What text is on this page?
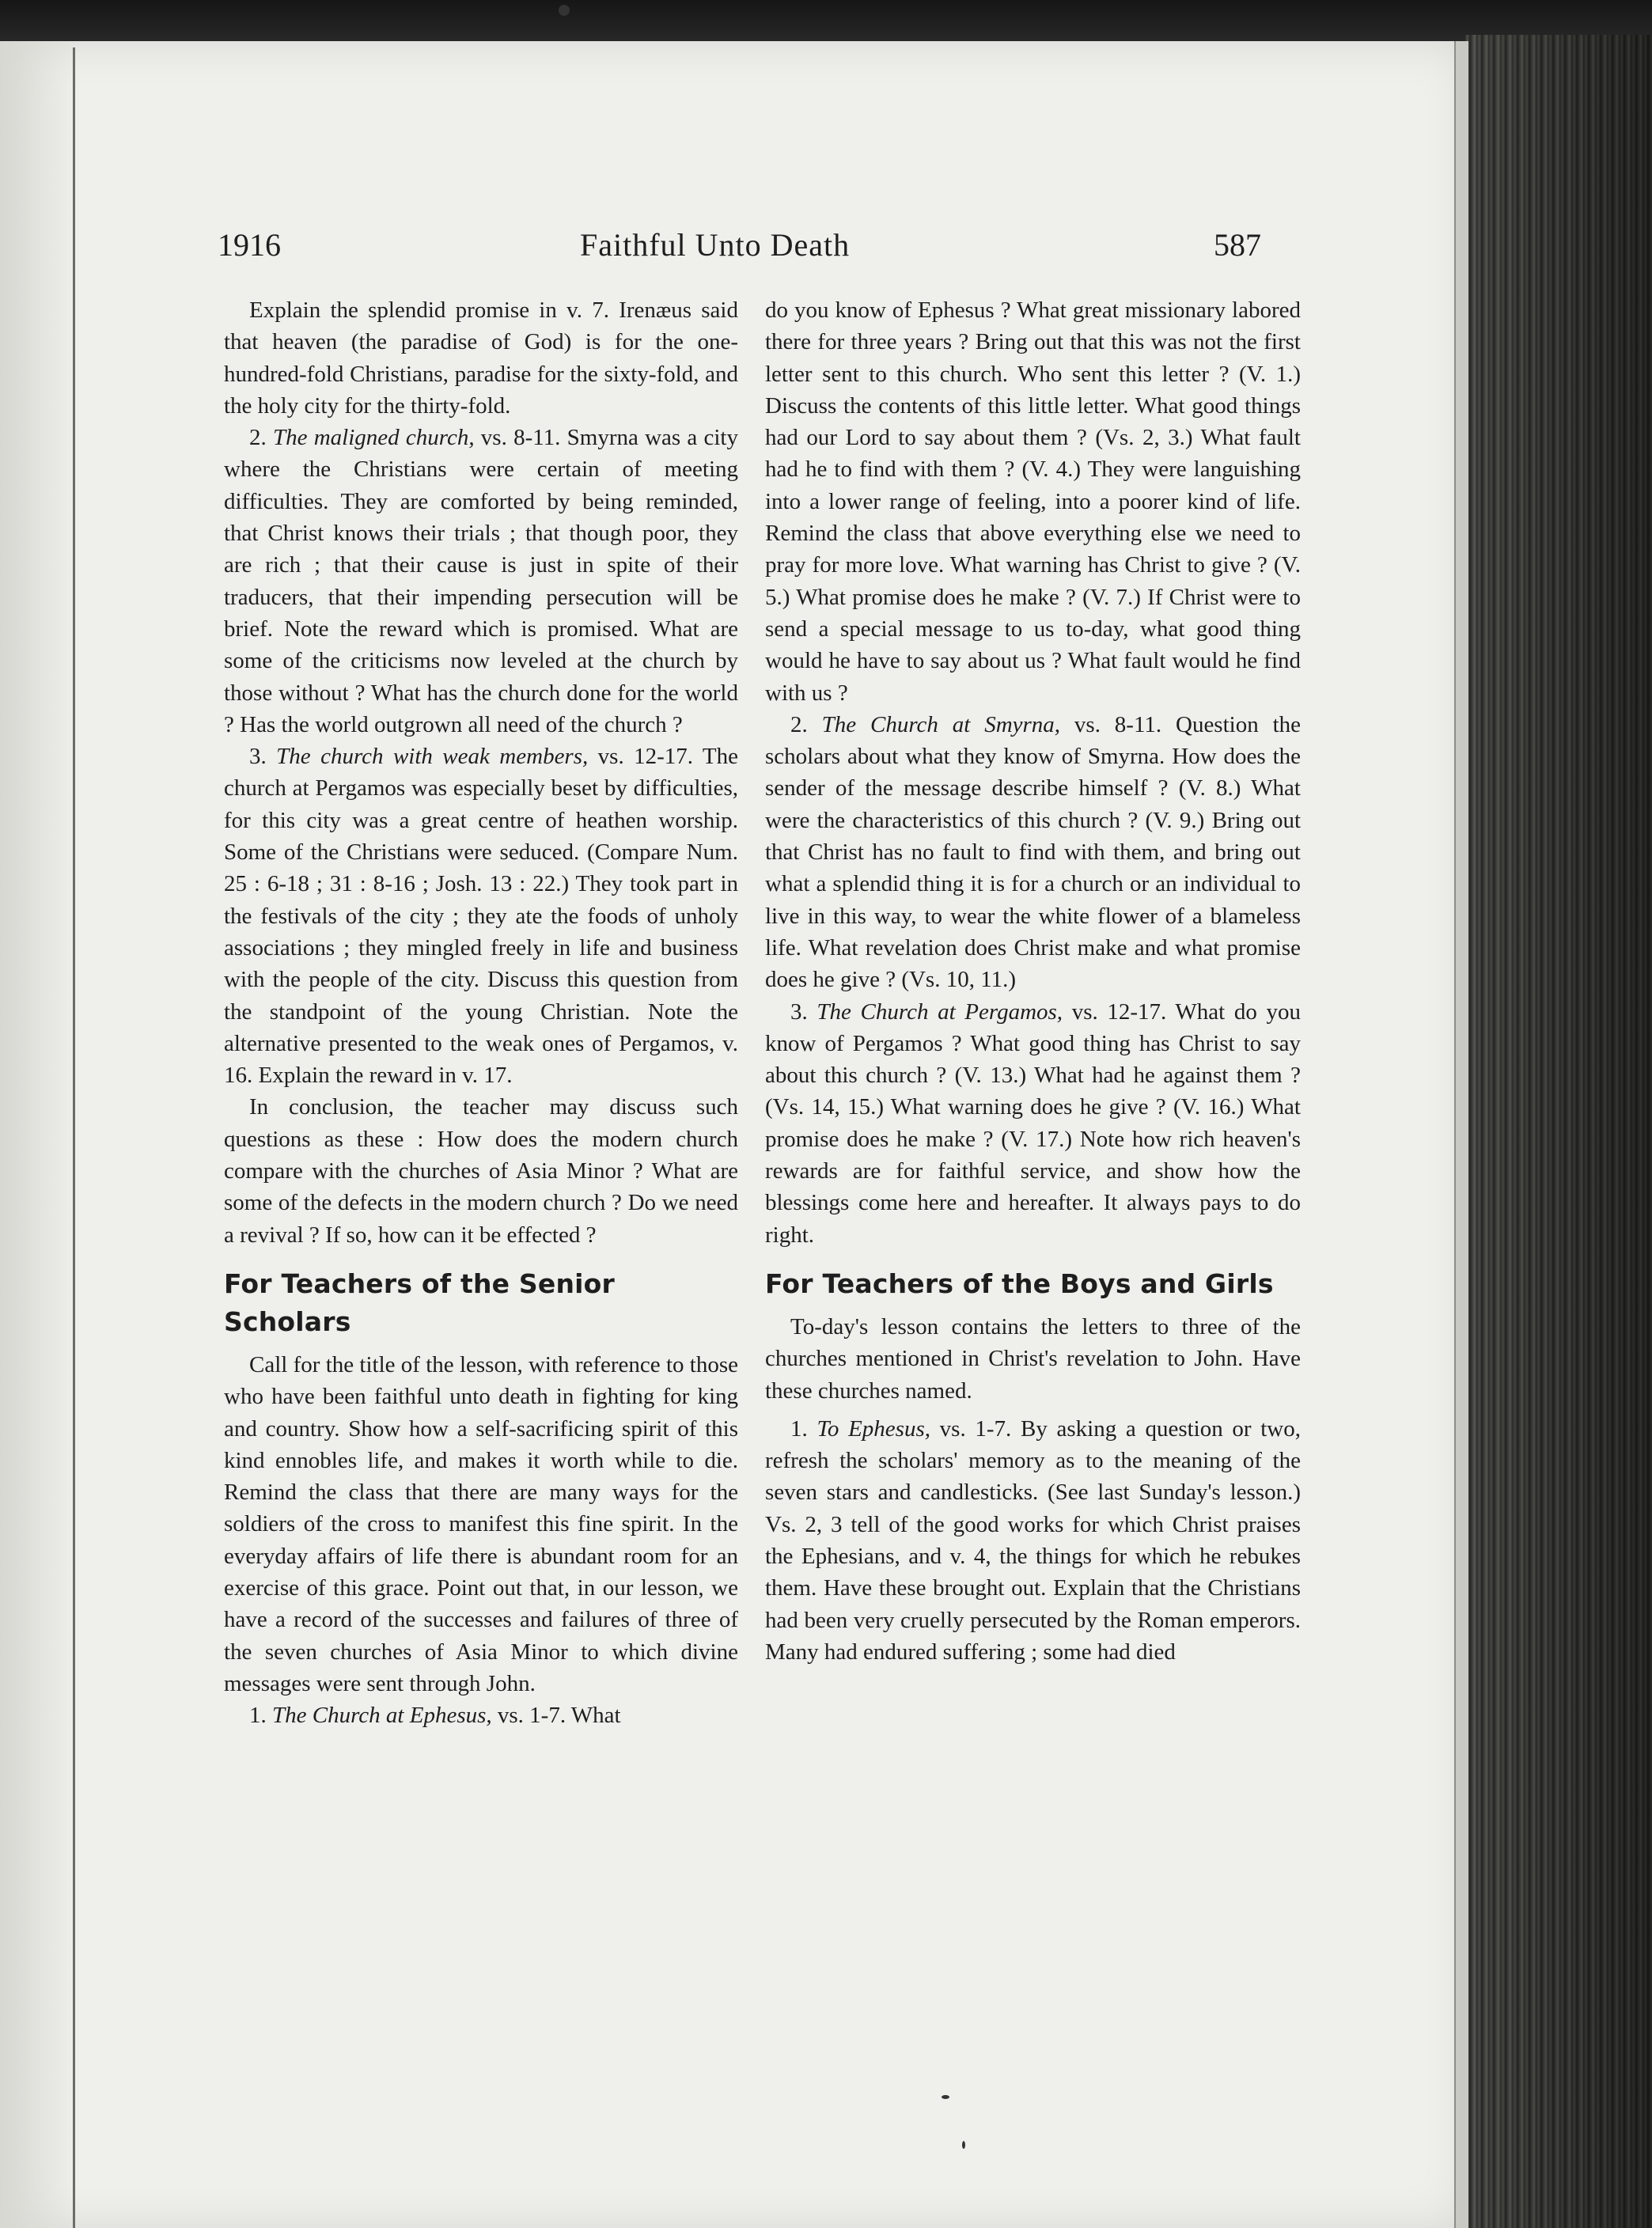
1916	Faithful Unto Death	587

Explain the splendid promise in v. 7. Irenæus said that heaven (the paradise of God) is for the one-hundred-fold Christians, paradise for the sixty-fold, and the holy city for the thirty-fold.

2. The maligned church, vs. 8-11. Smyrna was a city where the Christians were certain of meeting difficulties. They are comforted by being reminded, that Christ knows their trials ; that though poor, they are rich ; that their cause is just in spite of their traducers, that their impending persecution will be brief. Note the reward which is promised. What are some of the criticisms now leveled at the church by those without ? What has the church done for the world ? Has the world outgrown all need of the church ?

3. The church with weak members, vs. 12-17. The church at Pergamos was especially beset by difficulties, for this city was a great centre of heathen worship. Some of the Christians were seduced. (Compare Num. 25 : 6-18 ; 31 : 8-16 ; Josh. 13 : 22.) They took part in the festivals of the city ; they ate the foods of unholy associations ; they mingled freely in life and business with the people of the city. Discuss this question from the standpoint of the young Christian. Note the alternative presented to the weak ones of Pergamos, v. 16. Explain the reward in v. 17.

In conclusion, the teacher may discuss such questions as these : How does the modern church compare with the churches of Asia Minor ? What are some of the defects in the modern church ? Do we need a revival ? If so, how can it be effected ?

For Teachers of the Senior Scholars

Call for the title of the lesson, with reference to those who have been faithful unto death in fighting for king and country. Show how a self-sacrificing spirit of this kind ennobles life, and makes it worth while to die. Remind the class that there are many ways for the soldiers of the cross to manifest this fine spirit. In the everyday affairs of life there is abundant room for an exercise of this grace. Point out that, in our lesson, we have a record of the successes and failures of three of the seven churches of Asia Minor to which divine messages were sent through John.

1. The Church at Ephesus, vs. 1-7. What

do you know of Ephesus ? What great missionary labored there for three years ? Bring out that this was not the first letter sent to this church. Who sent this letter ? (V. 1.) Discuss the contents of this little letter. What good things had our Lord to say about them ? (Vs. 2, 3.) What fault had he to find with them ? (V. 4.) They were languishing into a lower range of feeling, into a poorer kind of life. Remind the class that above everything else we need to pray for more love. What warning has Christ to give ? (V. 5.) What promise does he make ? (V. 7.) If Christ were to send a special message to us to-day, what good thing would he have to say about us ? What fault would he find with us ?

2. The Church at Smyrna, vs. 8-11. Question the scholars about what they know of Smyrna. How does the sender of the message describe himself ? (V. 8.) What were the characteristics of this church ? (V. 9.) Bring out that Christ has no fault to find with them, and bring out what a splendid thing it is for a church or an individual to live in this way, to wear the white flower of a blameless life. What revelation does Christ make and what promise does he give ? (Vs. 10, 11.)

3. The Church at Pergamos, vs. 12-17. What do you know of Pergamos ? What good thing has Christ to say about this church ? (V. 13.) What had he against them ? (Vs. 14, 15.) What warning does he give ? (V. 16.) What promise does he make ? (V. 17.) Note how rich heaven's rewards are for faithful service, and show how the blessings come here and hereafter. It always pays to do right.

For Teachers of the Boys and Girls

To-day's lesson contains the letters to three of the churches mentioned in Christ's revelation to John. Have these churches named.

1. To Ephesus, vs. 1-7. By asking a question or two, refresh the scholars' memory as to the meaning of the seven stars and candlesticks. (See last Sunday's lesson.) Vs. 2, 3 tell of the good works for which Christ praises the Ephesians, and v. 4, the things for which he rebukes them. Have these brought out. Explain that the Christians had been very cruelly persecuted by the Roman emperors. Many had endured suffering ; some had died
